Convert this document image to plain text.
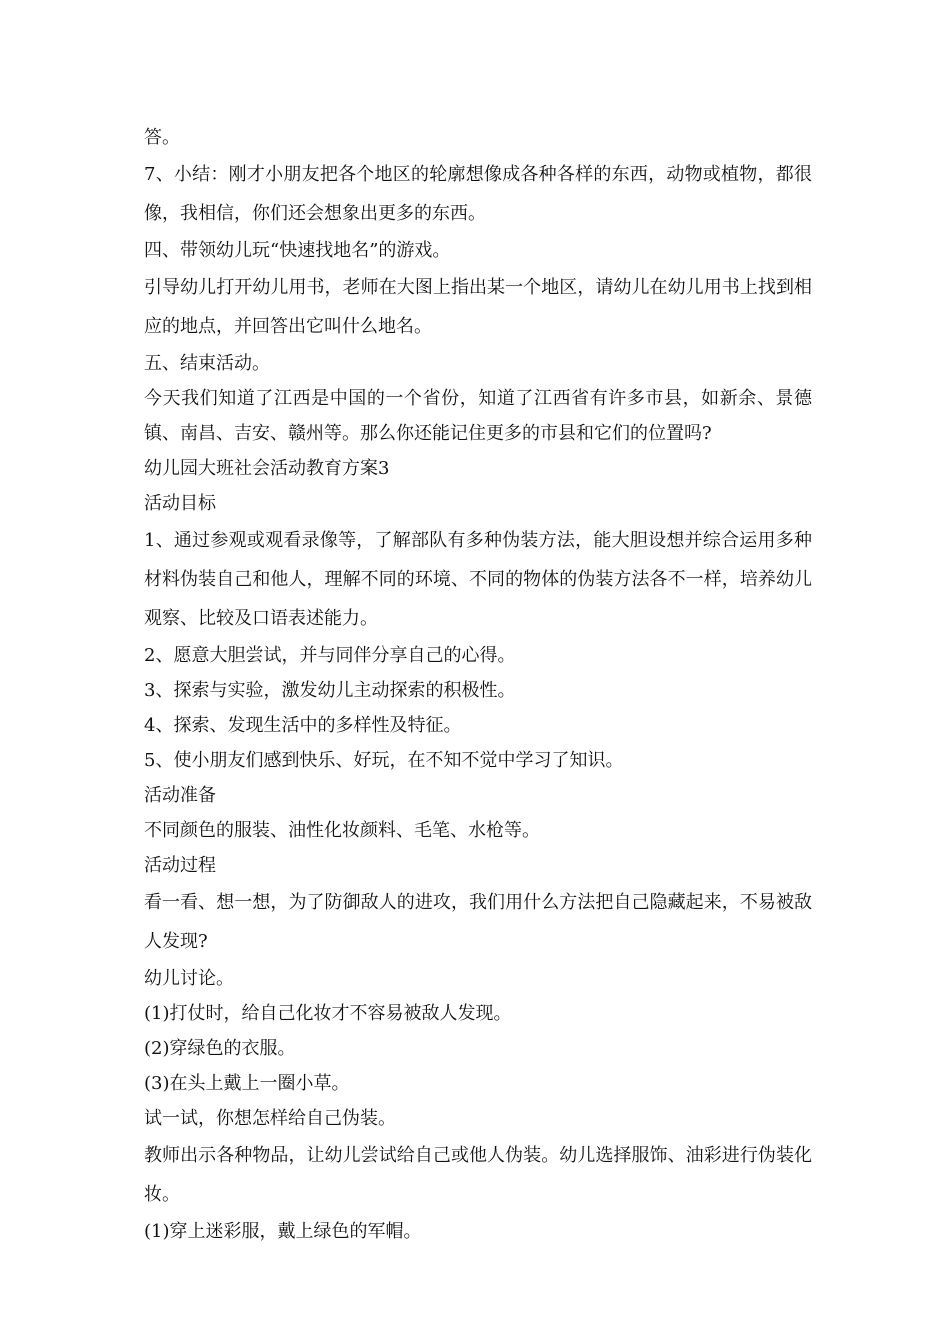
答。

7、小结：刚才小朋友把各个地区的轮廓想像成各种各样的东西，动物或植物，都很像，我相信，你们还会想象出更多的东西。

四、带领幼儿玩“快速找地名”的游戏。

引导幼儿打开幼儿用书，老师在大图上指出某一个地区，请幼儿在幼儿用书上找到相应的地点，并回答出它叫什么地名。

五、结束活动。

今天我们知道了江西是中国的一个省份，知道了江西省有许多市县，如新余、景德镇、南昌、吉安、赣州等。那么你还能记住更多的市县和它们的位置吗?

幼儿园大班社会活动教育方案3

活动目标

1、通过参观或观看录像等，了解部队有多种伪装方法，能大胆设想并综合运用多种材料伪装自己和他人，理解不同的环境、不同的物体的伪装方法各不一样，培养幼儿观察、比较及口语表述能力。

2、愿意大胆尝试，并与同伴分享自己的心得。

3、探索与实验，激发幼儿主动探索的积极性。

4、探索、发现生活中的多样性及特征。

5、使小朋友们感到快乐、好玩，在不知不觉中学习了知识。

活动准备

不同颜色的服装、油性化妆颜料、毛笔、水枪等。

活动过程

看一看、想一想，为了防御敌人的进攻，我们用什么方法把自己隐藏起来，不易被敌人发现?

幼儿讨论。

(1)打仗时，给自己化妆才不容易被敌人发现。

(2)穿绿色的衣服。

(3)在头上戴上一圈小草。

试一试，你想怎样给自己伪装。

教师出示各种物品，让幼儿尝试给自己或他人伪装。幼儿选择服饰、油彩进行伪装化妆。

(1)穿上迷彩服，戴上绿色的军帽。
